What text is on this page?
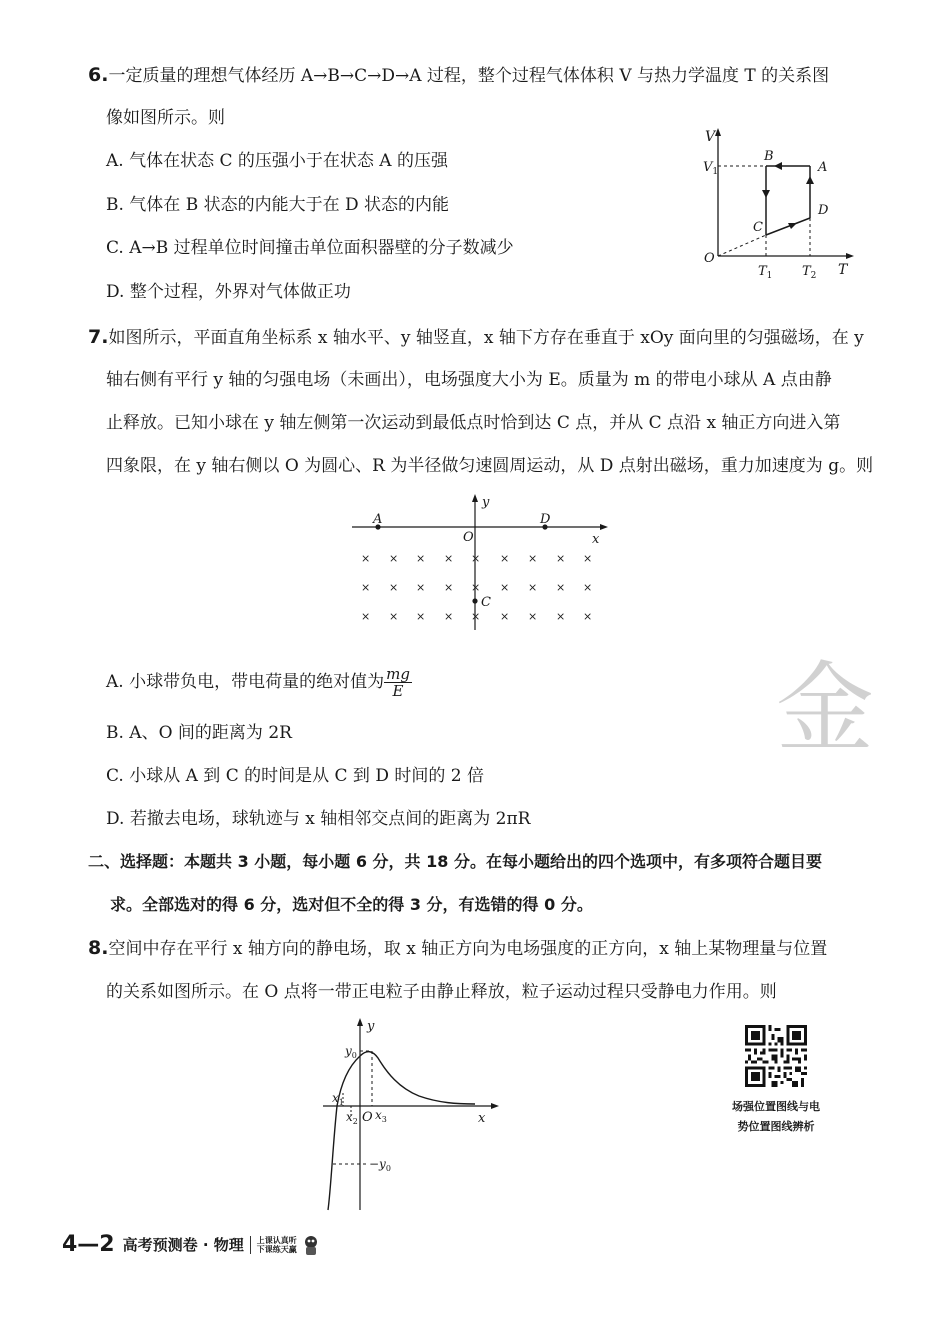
6.一定质量的理想气体经历 A→B→C→D→A 过程，整个过程气体体积 V 与热力学温度 T 的关系图
像如图所示。则
A. 气体在状态 C 的压强小于在状态 A 的压强
B. 气体在 B 状态的内能大于在 D 状态的内能
C. A→B 过程单位时间撞击单位面积器壁的分子数减少
D. 整个过程，外界对气体做正功
V
T
O
$V_1$
$T_1$ $T_2$
A
B
C
D
7.如图所示，平面直角坐标系 x 轴水平、y 轴竖直，x 轴下方存在垂直于 xOy 面向里的匀强磁场，在 y
轴右侧有平行 y 轴的匀强电场（未画出），电场强度大小为 E。质量为 m 的带电小球从 A 点由静
止释放。已知小球在 y 轴左侧第一次运动到最低点时恰到达 C 点，并从 C 点沿 x 轴正方向进入第
四象限，在 y 轴右侧以 O 为圆心、R 为半径做匀速圆周运动，从 D 点射出磁场，重力加速度为 g。则
x
y
O
A	D
C
× × × × × × × × ×
× × × × × × × × ×
× × × × × × × × ×
A. 小球带负电，带电荷量的绝对值为 $\frac{mg}{E}$	金
B. A、O 间的距离为 2R
C. 小球从 A 到 C 的时间是从 C 到 D 时间的 2 倍
D. 若撤去电场，球轨迹与 x 轴相邻交点间的距离为 2πR
二、选择题：本题共 3 小题，每小题 6 分，共 18 分。在每小题给出的四个选项中，有多项符合题目要
求。全部选对的得 6 分，选对但不全的得 3 分，有选错的得 0 分。
8.空间中存在平行 x 轴方向的静电场，取 x 轴正方向为电场强度的正方向，x 轴上某物理量与位置
的关系如图所示。在 O 点将一带正电粒子由静止释放，粒子运动过程只受静电力作用。则
y
x
O
$y_0$
$-y_0$
$x_1$
$x_2$ $x_3$
场强位置图线与电
势位置图线辨析
4—2 高考预测卷 · 物理 上课认真听
下课练天赢
